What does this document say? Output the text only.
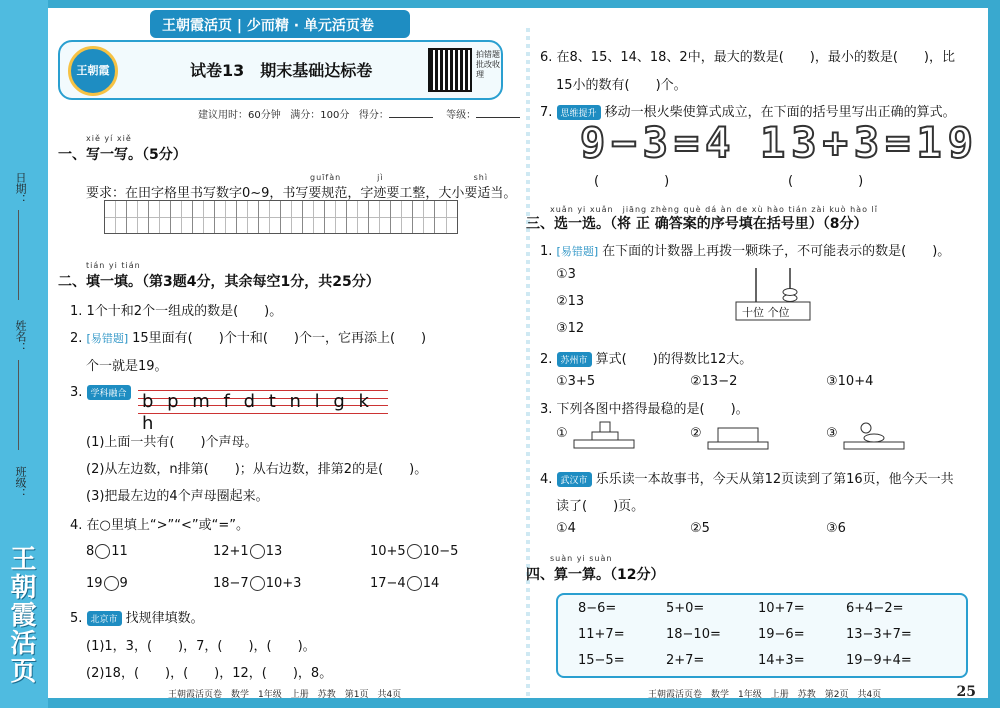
日期：
姓名：
班级：
王朝霞活页
王朝霞	试卷13　期末基础达标卷
拍错题批改收理
建议用时：60分钟 满分：100分 得分：	等级：
xiě yí xiě
一、写一写。（5分）
guīfàn　　　　jì　　　　　　　　　　shì
要求：在田字格里书写数字0~9，书写要规范，字迹要工整，大小要适当。
tián yi tián
二、填一填。（第3题4分，其余每空1分，共25分）
1. 1个十和2个一组成的数是(　　)。
2. [易错题] 15里面有(　　)个十和(　　)个一，它再添上(　　)
个一就是19。
3. 学科融合 b p m f d t n l g k h
(1)上面一共有(　　)个声母。
(2)从左边数，n排第(　　)；从右边数，排第2的是(　　)。
(3)把最左边的4个声母圈起来。
4. 在○里填上“>”“<”或“=”。
8 11	12+1 13	10+5 10−5
19 9	18−7 10+3	17−4 14
5. 北京市 找规律填数。
(1)1，3，(　　)，7，(　　)，(　　)。
(2)18，(　　)，(　　)，12，(　　)，8。
王朝霞活页卷　数学　1年级　上册　苏教　第1页　共4页
6. 在8、15、14、18、2中，最大的数是(　　)，最小的数是(　　)，比
15小的数有(　　)个。
7. 思维提升 移动一根火柴使算式成立，在下面的括号里写出正确的算式。
9−3=4 13+3=19
(　　　　　)	(　　　　　)
xuǎn yi xuǎn　jiāng zhèng què dá àn de xù hào tián zài kuò hào lǐ
三、选一选。（将 正 确答案的序号填在括号里）（8分）
1. [易错题] 在下面的计数器上再拨一颗珠子，不可能表示的数是(　　)。
①3
②13
③12
十位 个位
2. 苏州市 算式(　　)的得数比12大。
①3+5	②13−2	③10+4
3. 下列各图中搭得最稳的是(　　)。
①	②	③
4. 武汉市 乐乐读一本故事书，今天从第12页读到了第16页，他今天一共
读了(　　)页。
①4	②5	③6
suàn yi suàn
四、算一算。（12分）
8−6=	5+0=	10+7=	6+4−2=
11+7=	18−10=	19−6=	13−3+7=
15−5=	2+7=	14+3=	19−9+4=
王朝霞活页卷　数学　1年级　上册　苏教　第2页　共4页	25
王朝霞活页 | 少而精 · 单元活页卷
